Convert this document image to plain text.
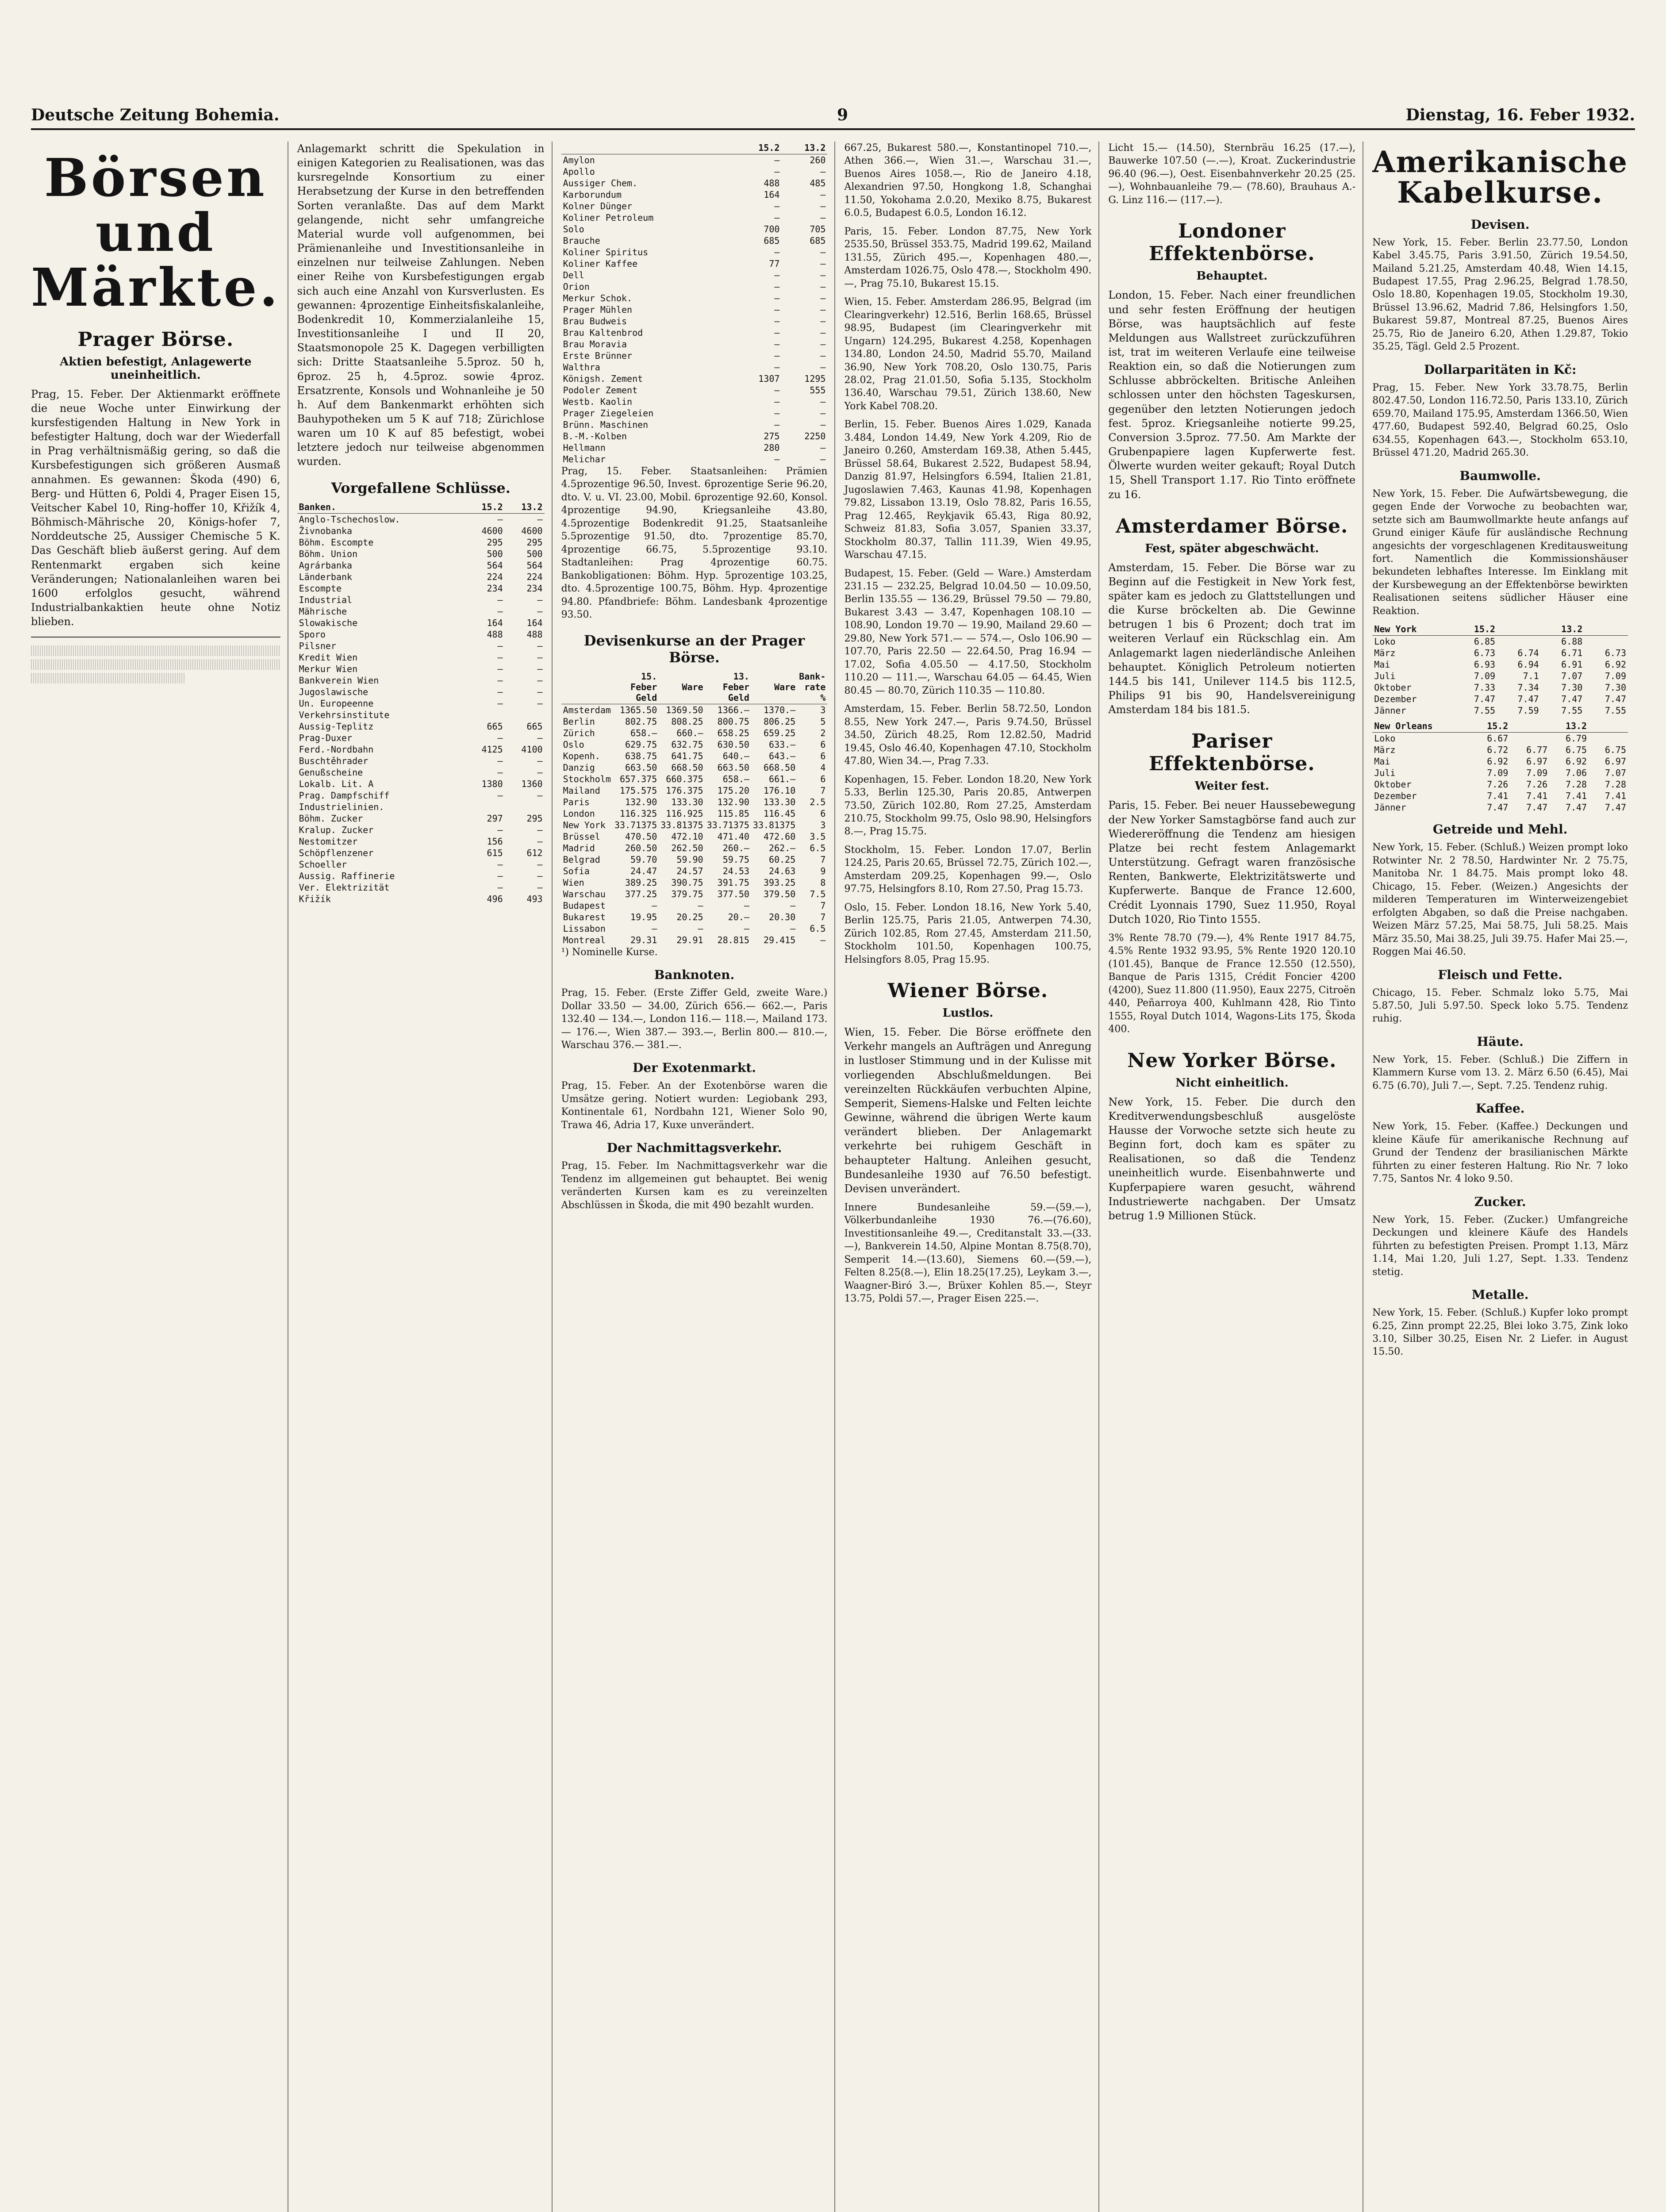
Deutsche Zeitung Bohemia.	9	Dienstag, 16. Feber 1932.
Börsen und Märkte.
Prager Börse.
Aktien befestigt, Anlagewerte uneinheitlich.

Prag, 15. Feber. Der Aktienmarkt eröffnete die neue Woche unter Einwirkung der kursfestigenden Haltung in New York in befestigter Haltung, doch war der Wiederfall in Prag verhältnismäßig gering, so daß die Kursbefestigungen sich größeren Ausmaß annahmen. Es gewannen: Škoda (490) 6, Berg- und Hütten 6, Poldi 4, Prager Eisen 15, Veitscher Kabel 10, Ring-hoffer 10, Křižík 4, Böhmisch-Mährische 20, Königs-hofer 7, Norddeutsche 25, Aussiger Chemische 5 K. Das Geschäft blieb äußerst gering. Auf dem Rentenmarkt ergaben sich keine Veränderungen; Nationalanleihen waren bei 1600 erfolglos gesucht, während Industrialbankaktien heute ohne Notiz blieben.

Anlagemarkt schritt die Spekulation in einigen Kategorien zu Realisationen, was das kursregelnde Konsortium zu einer Herabsetzung der Kurse in den betreffenden Sorten veranlaßte. Das auf dem Markt gelangende, nicht sehr umfangreiche Material wurde voll aufgenommen, bei Prämienanleihe und Investitionsanleihe in einzelnen nur teilweise Zahlungen. Neben einer Reihe von Kursbefestigungen ergab sich auch eine Anzahl von Kursverlusten. Es gewannen: 4prozentige Einheitsfiskalanleihe, Bodenkredit 10, Kommerzialanleihe 15, Investitionsanleihe I und II 20, Staatsmonopole 25 K. Dagegen verbilligten sich: Dritte Staatsanleihe 5.5proz. 50 h, 6proz. 25 h, 4.5proz. sowie 4proz. Ersatzrente, Konsols und Wohnanleihe je 50 h. Auf dem Bankenmarkt erhöhten sich Bauhypotheken um 5 K auf 718; Zürichlose waren um 10 K auf 85 befestigt, wobei letztere jedoch nur teilweise abgenommen wurden.

Vorgefallene Schlüsse.
Banken.	15.2	13.2
Anglo-Tschechoslow.	—	—
Živnobanka	4600	4600
Böhm. Escompte	295	295
Böhm. Union	500	500
Agrárbanka	564	564
Länderbank	224	224
Escompte	234	234
Industrial	—	—
Mährische	—	—
Slowakische	164	164
Sporo	488	488
Pilsner	—	—
Kredit Wien	—	—
Merkur Wien	—	—
Bankverein Wien	—	—
Jugoslawische	—	—
Un. Europeenne	—	—
Verkehrsinstitute		
Aussig-Teplitz	665	665
Prag-Duxer	—	—
Ferd.-Nordbahn	4125	4100
Buschtěhrader	—	—
Genußscheine	—	—
Lokalb. Lit. A	1380	1360
Prag. Dampfschiff	—	—
Industrielinien.		
Böhm. Zucker	297	295
Kralup. Zucker	—	—
Nestomitzer	156	—
Schöpflenzener	615	612
Schoeller	—	—
Aussig. Raffinerie	—	—
Ver. Elektrizität	—	—
Křižík	496	493
	15.2	13.2
Amylon	—	260
Apollo	—	—
Aussiger Chem.	488	485
Karborundum	164	—
Kolner Dünger	—	—
Koliner Petroleum	—	—
Solo	700	705
Brauche	685	685
Koliner Spiritus	—	—
Koliner Kaffee	77	—
Dell	—	—
Orion	—	—
Merkur Schok.	—	—
Prager Mühlen	—	—
Brau Budweis	—	—
Brau Kaltenbrod	—	—
Brau Moravia	—	—
Erste Brünner	—	—
Walthra	—	—
Königsh. Zement	1307	1295
Podoler Zement	—	555
Westb. Kaolin	—	—
Prager Ziegeleien	—	—
Brünn. Maschinen	—	—
B.-M.-Kolben	275	2250
Hellmann	280	—
Melichar	—	—

Prag, 15. Feber. Staatsanleihen: Prämien 4.5prozentige 96.50, Invest. 6prozentige Serie 96.20, dto. V. u. VI. 23.00, Mobil. 6prozentige 92.60, Konsol. 4prozentige 94.90, Kriegsanleihe 43.80, 4.5prozentige Bodenkredit 91.25, Staatsanleihe 5.5prozentige 91.50, dto. 7prozentige 85.70, 4prozentige 66.75, 5.5prozentige 93.10. Stadtanleihen: Prag 4prozentige 60.75. Bankobligationen: Böhm. Hyp. 5prozentige 103.25, dto. 4.5prozentige 100.75, Böhm. Hyp. 4prozentige 94.80. Pfandbriefe: Böhm. Landesbank 4prozentige 93.50.

Devisenkurse an der Prager Börse.
	15. Feber Geld	Ware	13. Feber Geld	Ware	Bank-rate %
Amsterdam	1365.50	1369.50	1366.—	1370.—	3
Berlin	802.75	808.25	800.75	806.25	5
Zürich	658.—	660.—	658.25	659.25	2
Oslo	629.75	632.75	630.50	633.—	6
Kopenh.	638.75	641.75	640.—	643.—	6
Danzig	663.50	668.50	663.50	668.50	4
Stockholm	657.375	660.375	658.—	661.—	6
Mailand	175.575	176.375	175.20	176.10	7
Paris	132.90	133.30	132.90	133.30	2.5
London	116.325	116.925	115.85	116.45	6
New York	33.71375	33.81375	33.71375	33.81375	3
Brüssel	470.50	472.10	471.40	472.60	3.5
Madrid	260.50	262.50	260.—	262.—	6.5
Belgrad	59.70	59.90	59.75	60.25	7
Sofia	24.47	24.57	24.53	24.63	9
Wien	389.25	390.75	391.75	393.25	8
Warschau	377.25	379.75	377.50	379.50	7.5
Budapest	—	—	—	—	7
Bukarest	19.95	20.25	20.—	20.30	7
Lissabon	—	—	—	—	6.5
Montreal	29.31	29.91	28.815	29.415	—

¹) Nominelle Kurse.

Banknoten.

Prag, 15. Feber. (Erste Ziffer Geld, zweite Ware.) Dollar 33.50 — 34.00, Zürich 656.— 662.—, Paris 132.40 — 134.—, London 116.— 118.—, Mailand 173.— 176.—, Wien 387.— 393.—, Berlin 800.— 810.—, Warschau 376.— 381.—.

Der Exotenmarkt.

Prag, 15. Feber. An der Exotenbörse waren die Umsätze gering. Notiert wurden: Legiobank 293, Kontinentale 61, Nordbahn 121, Wiener Solo 90, Trawa 46, Adria 17, Kuxe unverändert.

Der Nachmittagsverkehr.

Prag, 15. Feber. Im Nachmittagsverkehr war die Tendenz im allgemeinen gut behauptet. Bei wenig veränderten Kursen kam es zu vereinzelten Abschlüssen in Škoda, die mit 490 bezahlt wurden.

667.25, Bukarest 580.—, Konstantinopel 710.—, Athen 366.—, Wien 31.—, Warschau 31.—, Buenos Aires 1058.—, Rio de Janeiro 4.18, Alexandrien 97.50, Hongkong 1.8, Schanghai 11.50, Yokohama 2.0.20, Mexiko 8.75, Bukarest 6.0.5, Budapest 6.0.5, London 16.12.

Paris, 15. Feber. London 87.75, New York 2535.50, Brüssel 353.75, Madrid 199.62, Mailand 131.55, Zürich 495.—, Kopenhagen 480.—, Amsterdam 1026.75, Oslo 478.—, Stockholm 490.—, Prag 75.10, Bukarest 15.15.

Wien, 15. Feber. Amsterdam 286.95, Belgrad (im Clearingverkehr) 12.516, Berlin 168.65, Brüssel 98.95, Budapest (im Clearingverkehr mit Ungarn) 124.295, Bukarest 4.258, Kopenhagen 134.80, London 24.50, Madrid 55.70, Mailand 36.90, New York 708.20, Oslo 130.75, Paris 28.02, Prag 21.01.50, Sofia 5.135, Stockholm 136.40, Warschau 79.51, Zürich 138.60, New York Kabel 708.20.

Berlin, 15. Feber. Buenos Aires 1.029, Kanada 3.484, London 14.49, New York 4.209, Rio de Janeiro 0.260, Amsterdam 169.38, Athen 5.445, Brüssel 58.64, Bukarest 2.522, Budapest 58.94, Danzig 81.97, Helsingfors 6.594, Italien 21.81, Jugoslawien 7.463, Kaunas 41.98, Kopenhagen 79.82, Lissabon 13.19, Oslo 78.82, Paris 16.55, Prag 12.465, Reykjavik 65.43, Riga 80.92, Schweiz 81.83, Sofia 3.057, Spanien 33.37, Stockholm 80.37, Tallin 111.39, Wien 49.95, Warschau 47.15.

Budapest, 15. Feber. (Geld — Ware.) Amsterdam 231.15 — 232.25, Belgrad 10.04.50 — 10.09.50, Berlin 135.55 — 136.29, Brüssel 79.50 — 79.80, Bukarest 3.43 — 3.47, Kopenhagen 108.10 — 108.90, London 19.70 — 19.90, Mailand 29.60 — 29.80, New York 571.— — 574.—, Oslo 106.90 — 107.70, Paris 22.50 — 22.64.50, Prag 16.94 — 17.02, Sofia 4.05.50 — 4.17.50, Stockholm 110.20 — 111.—, Warschau 64.05 — 64.45, Wien 80.45 — 80.70, Zürich 110.35 — 110.80.

Amsterdam, 15. Feber. Berlin 58.72.50, London 8.55, New York 247.—, Paris 9.74.50, Brüssel 34.50, Zürich 48.25, Rom 12.82.50, Madrid 19.45, Oslo 46.40, Kopenhagen 47.10, Stockholm 47.80, Wien 34.—, Prag 7.33.

Kopenhagen, 15. Feber. London 18.20, New York 5.33, Berlin 125.30, Paris 20.85, Antwerpen 73.50, Zürich 102.80, Rom 27.25, Amsterdam 210.75, Stockholm 99.75, Oslo 98.90, Helsingfors 8.—, Prag 15.75.

Stockholm, 15. Feber. London 17.07, Berlin 124.25, Paris 20.65, Brüssel 72.75, Zürich 102.—, Amsterdam 209.25, Kopenhagen 99.—, Oslo 97.75, Helsingfors 8.10, Rom 27.50, Prag 15.73.

Oslo, 15. Feber. London 18.16, New York 5.40, Berlin 125.75, Paris 21.05, Antwerpen 74.30, Zürich 102.85, Rom 27.45, Amsterdam 211.50, Stockholm 101.50, Kopenhagen 100.75, Helsingfors 8.05, Prag 15.95.

Wiener Börse.
Lustlos.

Wien, 15. Feber. Die Börse eröffnete den Verkehr mangels an Aufträgen und Anregung in lustloser Stimmung und in der Kulisse mit vorliegenden Abschlußmeldungen. Bei vereinzelten Rückkäufen verbuchten Alpine, Semperit, Siemens-Halske und Felten leichte Gewinne, während die übrigen Werte kaum verändert blieben. Der Anlagemarkt verkehrte bei ruhigem Geschäft in behaupteter Haltung. Anleihen gesucht, Bundesanleihe 1930 auf 76.50 befestigt. Devisen unverändert.

Innere Bundesanleihe 59.—(59.—), Völkerbundanleihe 1930 76.—(76.60), Investitionsanleihe 49.—, Creditanstalt 33.—(33.—), Bankverein 14.50, Alpine Montan 8.75(8.70), Semperit 14.—(13.60), Siemens 60.—(59.—), Felten 8.25(8.—), Elin 18.25(17.25), Leykam 3.—, Waagner-Biró 3.—, Brüxer Kohlen 85.—, Steyr 13.75, Poldi 57.—, Prager Eisen 225.—.

Licht 15.— (14.50), Sternbräu 16.25 (17.—), Bauwerke 107.50 (—.—), Kroat. Zuckerindustrie 96.40 (96.—), Oest. Eisenbahnverkehr 20.25 (25.—), Wohnbauanleihe 79.— (78.60), Brauhaus A.-G. Linz 116.— (117.—).

Londoner Effektenbörse.
Behauptet.

London, 15. Feber. Nach einer freundlichen und sehr festen Eröffnung der heutigen Börse, was hauptsächlich auf feste Meldungen aus Wallstreet zurückzuführen ist, trat im weiteren Verlaufe eine teilweise Reaktion ein, so daß die Notierungen zum Schlusse abbröckelten. Britische Anleihen schlossen unter den höchsten Tageskursen, gegenüber den letzten Notierungen jedoch fest. 5proz. Kriegsanleihe notierte 99.25, Conversion 3.5proz. 77.50. Am Markte der Grubenpapiere lagen Kupferwerte fest. Ölwerte wurden weiter gekauft; Royal Dutch 15, Shell Transport 1.17. Rio Tinto eröffnete zu 16.

Amsterdamer Börse.
Fest, später abgeschwächt.

Amsterdam, 15. Feber. Die Börse war zu Beginn auf die Festigkeit in New York fest, später kam es jedoch zu Glattstellungen und die Kurse bröckelten ab. Die Gewinne betrugen 1 bis 6 Prozent; doch trat im weiteren Verlauf ein Rückschlag ein. Am Anlagemarkt lagen niederländische Anleihen behauptet. Königlich Petroleum notierten 144.5 bis 141, Unilever 114.5 bis 112.5, Philips 91 bis 90, Handelsvereinigung Amsterdam 184 bis 181.5.

Pariser Effektenbörse.
Weiter fest.

Paris, 15. Feber. Bei neuer Haussebewegung der New Yorker Samstagbörse fand auch zur Wiedereröffnung die Tendenz am hiesigen Platze bei recht festem Anlagemarkt Unterstützung. Gefragt waren französische Renten, Bankwerte, Elektrizitätswerte und Kupferwerte. Banque de France 12.600, Crédit Lyonnais 1790, Suez 11.950, Royal Dutch 1020, Rio Tinto 1555.

3% Rente 78.70 (79.—), 4% Rente 1917 84.75, 4.5% Rente 1932 93.95, 5% Rente 1920 120.10 (101.45), Banque de France 12.550 (12.550), Banque de Paris 1315, Crédit Foncier 4200 (4200), Suez 11.800 (11.950), Eaux 2275, Citroën 440, Peñarroya 400, Kuhlmann 428, Rio Tinto 1555, Royal Dutch 1014, Wagons-Lits 175, Škoda 400.

New Yorker Börse.
Nicht einheitlich.

New York, 15. Feber. Die durch den Kreditverwendungsbeschluß ausgelöste Hausse der Vorwoche setzte sich heute zu Beginn fort, doch kam es später zu Realisationen, so daß die Tendenz uneinheitlich wurde. Eisenbahnwerte und Kupferpapiere waren gesucht, während Industriewerte nachgaben. Der Umsatz betrug 1.9 Millionen Stück.

Amerikanische Kabelkurse.
Devisen.

New York, 15. Feber. Berlin 23.77.50, London Kabel 3.45.75, Paris 3.91.50, Zürich 19.54.50, Mailand 5.21.25, Amsterdam 40.48, Wien 14.15, Budapest 17.55, Prag 2.96.25, Belgrad 1.78.50, Oslo 18.80, Kopenhagen 19.05, Stockholm 19.30, Brüssel 13.96.62, Madrid 7.86, Helsingfors 1.50, Bukarest 59.87, Montreal 87.25, Buenos Aires 25.75, Rio de Janeiro 6.20, Athen 1.29.87, Tokio 35.25, Tägl. Geld 2.5 Prozent.

Dollarparitäten in Kč:

Prag, 15. Feber. New York 33.78.75, Berlin 802.47.50, London 116.72.50, Paris 133.10, Zürich 659.70, Mailand 175.95, Amsterdam 1366.50, Wien 477.60, Budapest 592.40, Belgrad 60.25, Oslo 634.55, Kopenhagen 643.—, Stockholm 653.10, Brüssel 471.20, Madrid 265.30.

Baumwolle.

New York, 15. Feber. Die Aufwärtsbewegung, die gegen Ende der Vorwoche zu beobachten war, setzte sich am Baumwollmarkte heute anfangs auf Grund einiger Käufe für ausländische Rechnung angesichts der vorgeschlagenen Kreditausweitung fort. Namentlich die Kommissionshäuser bekundeten lebhaftes Interesse. Im Einklang mit der Kursbewegung an der Effektenbörse bewirkten Realisationen seitens südlicher Häuser eine Reaktion.

New York	15.2		13.2	
Loko	6.85		6.88	
März	6.73	6.74	6.71	6.73
Mai	6.93	6.94	6.91	6.92
Juli	7.09	7.1	7.07	7.09
Oktober	7.33	7.34	7.30	7.30
Dezember	7.47	7.47	7.47	7.47
Jänner	7.55	7.59	7.55	7.55
New Orleans	15.2		13.2	
Loko	6.67		6.79	
März	6.72	6.77	6.75	6.75
Mai	6.92	6.97	6.92	6.97
Juli	7.09	7.09	7.06	7.07
Oktober	7.26	7.26	7.28	7.28
Dezember	7.41	7.41	7.41	7.41
Jänner	7.47	7.47	7.47	7.47
Getreide und Mehl.

New York, 15. Feber. (Schluß.) Weizen prompt loko Rotwinter Nr. 2 78.50, Hardwinter Nr. 2 75.75, Manitoba Nr. 1 84.75. Mais prompt loko 48. Chicago, 15. Feber. (Weizen.) Angesichts der milderen Temperaturen im Winterweizengebiet erfolgten Abgaben, so daß die Preise nachgaben. Weizen März 57.25, Mai 58.75, Juli 58.25. Mais März 35.50, Mai 38.25, Juli 39.75. Hafer Mai 25.—, Roggen Mai 46.50.

Fleisch und Fette.

Chicago, 15. Feber. Schmalz loko 5.75, Mai 5.87.50, Juli 5.97.50. Speck loko 5.75. Tendenz ruhig.

Häute.

New York, 15. Feber. (Schluß.) Die Ziffern in Klammern Kurse vom 13. 2. März 6.50 (6.45), Mai 6.75 (6.70), Juli 7.—, Sept. 7.25. Tendenz ruhig.

Kaffee.

New York, 15. Feber. (Kaffee.) Deckungen und kleine Käufe für amerikanische Rechnung auf Grund der Tendenz der brasilianischen Märkte führten zu einer festeren Haltung. Rio Nr. 7 loko 7.75, Santos Nr. 4 loko 9.50.

Zucker.

New York, 15. Feber. (Zucker.) Umfangreiche Deckungen und kleinere Käufe des Handels führten zu befestigten Preisen. Prompt 1.13, März 1.14, Mai 1.20, Juli 1.27, Sept. 1.33. Tendenz stetig.

Metalle.

New York, 15. Feber. (Schluß.) Kupfer loko prompt 6.25, Zinn prompt 22.25, Blei loko 3.75, Zink loko 3.10, Silber 30.25, Eisen Nr. 2 Liefer. in August 15.50.
